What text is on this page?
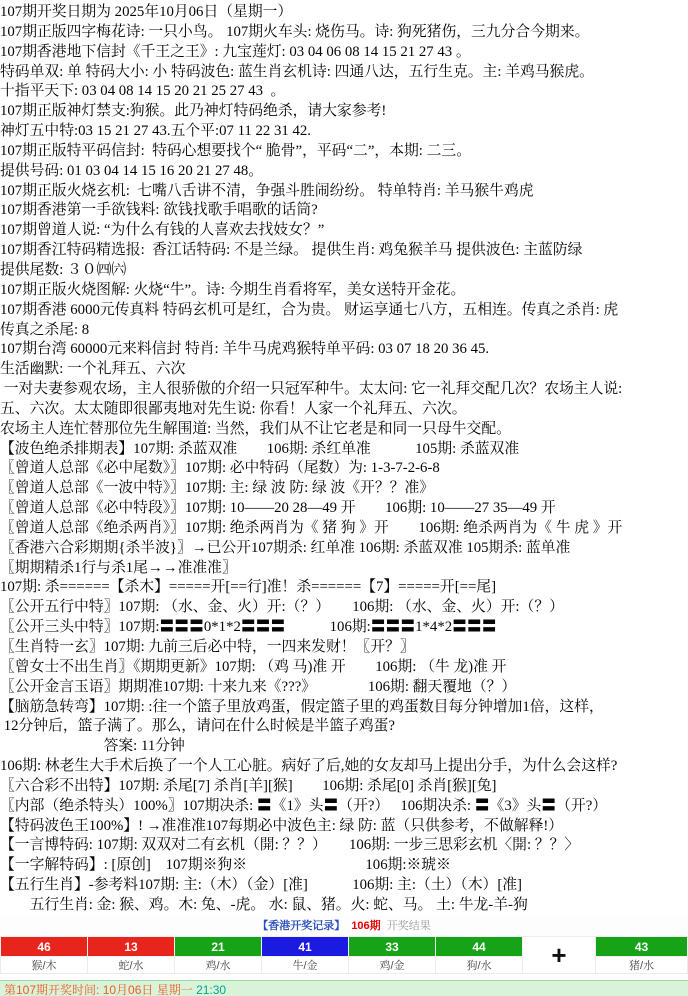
107期开奖日期为 2025年10月06日（星期一）
107期正版四字梅花诗: 一只小鸟。 107期火车头: 烧伤马。诗: 狗死猪伤，三九分合今期来。
107期香港地下信封《千王之王》: 九宝莲灯: 03 04 06 08 14 15 21 27 43 。
特码单双: 单 特码大小: 小 特码波色: 蓝生肖玄机诗: 四通八达，五行生克。主: 羊鸡马猴虎。
十指平天下: 03 04 08 14 15 20 21 25 27 43  。
107期正版神灯禁支:狗猴。此乃神灯特码绝杀，请大家参考!
神灯五中特:03 15 21 27 43.五个平:07 11 22 31 42.
107期正版特平码信封:  特码心想要找个“ 脆骨”，平码“二”，本期: 二三。
提供号码: 01 03 04 14 15 16 20 21 27 48。
107期正版火烧玄机:  七嘴八舌讲不清，争强斗胜闹纷纷。 特单特肖: 羊马猴牛鸡虎
107期香港第一手欲钱料: 欲钱找歌手唱歌的话筒?
107期曾道人说: “为什么有钱的人喜欢去找妓女？”
107期香江特码精选报:  香江话特码: 不是兰绿。 提供生肖: 鸡兔猴羊马 提供波色: 主蓝防绿
提供尾数: ３０㈣㈥
107期正版火烧图解: 火烧“牛”。诗: 今期生肖看将军，美女送特开金花。
107期香港 6000元传真料 特码玄机可是红，合为贵。 财运享通七八方，五相连。传真之杀肖: 虎
传真之杀尾: 8
107期台湾 60000元来料信封 特肖: 羊牛马虎鸡猴特单平码: 03 07 18 20 36 45.
生活幽默: 一个礼拜五、六次
一对夫妻参观农场，主人很骄傲的介绍一只冠军种牛。太太问: 它一礼拜交配几次？农场主人说:
五、六次。太太随即很鄙夷地对先生说: 你看！人家一个礼拜五、六次。
农场主人连忙替那位先生解围道: 当然，我们从不让它老是和同一只母牛交配。
【波色绝杀排期表】107期: 杀蓝双准　　106期: 杀红单准　　　105期: 杀蓝双准
〖曾道人总部《必中尾数》〗107期: 必中特码（尾数）为: 1-3-7-2-6-8
〖曾道人总部《一波中特》〗107期: 主: 绿 波 防: 绿 波《开？？准》
〖曾道人总部《必中特段》〗107期: 10——20 28—49 开　　106期: 10——27 35—49 开
〖曾道人总部《绝杀两肖》〗107期: 绝杀两肖为《 猪 狗 》开　　106期: 绝杀两肖为《 牛 虎 》开
〖香港六合彩期期{杀半波}〗→已公开107期杀: 红单准 106期: 杀蓝双准 105期杀: 蓝单准
〖期期精杀1行与杀1尾→→准准准〗
107期: 杀======【杀木】=====开[==行]准！杀======【7】=====开[==尾]
〖公开五行中特〗107期: （水、金、火）开:（？）　　106期: （水、金、火）开:（？）
〖公开三头中特〗107期:〓〓〓0*1*2〓〓〓　　　106期:〓〓〓1*4*2〓〓〓
〖生肖特一玄〗107期: 九前三后必中特，一四来发财！〖开？〗
〖曾女士不出生肖〗《期期更新》107期: （鸡 马)准 开　　106期: （牛 龙)准 开
〖公开金言玉语〗期期准107期: 十来九来《???》　　　　106期: 翻天覆地（？）
【脑筋急转弯】107期: :往一个篮子里放鸡蛋，假定篮子里的鸡蛋数目每分钟增加1倍，这样，
12分钟后，篮子满了。那么，请问在什么时候是半篮子鸡蛋?
　　　　　　　答案: 11分钟
106期: 林老生大手术后换了一个人工心脏。病好了后,她的女友却马上提出分手，为什么会这样?
〖六合彩不出特】107期: 杀尾[7] 杀肖[羊][猴]　　106期: 杀尾[0] 杀肖[猴][兔]
〖内部（绝杀特头）100%〗107期决杀: 〓《1》头〓（开?）　 106期决杀: 〓《3》头〓（开?）
【特码波色王100%】! →准准准107每期必中波色主: 绿 防: 蓝（只供参考，不做解释!）
【一言博特码: 107期: 双双对二有玄机（開: ？？）　　106期: 一步三思彩玄机〈開: ？？〉
【一字解特码】: [原创]　107期※狗※　　　　　　　　106期:※琥※
【五行生肖】-参考料107期: 主:（木）（金）[准]　　　106期: 主:（土）（木）[准]
　　五行生肖: 金: 猴、鸡。木: 兔、-虎。 水: 鼠、猪。火: 蛇、马。 土: 牛龙-羊-狗
【香港开奖记录】 106期 开奖结果
46	13	21	41	33	44	+	43
猴/木	蛇/水	鸡/水	牛/金	鸡/金	狗/水		猪/水
第107期开奖时间: 10月06日 星期一 21:30
